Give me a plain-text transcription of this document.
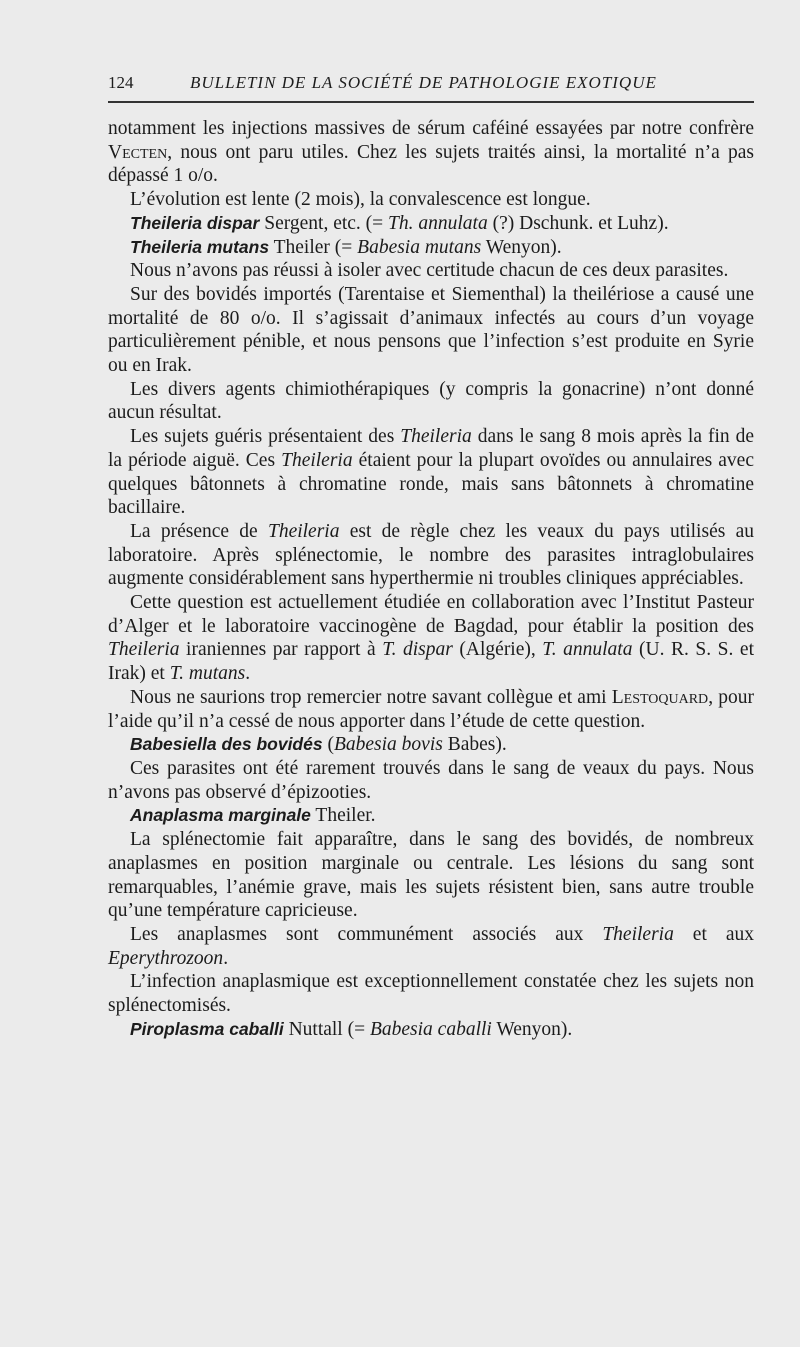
124	BULLETIN DE LA SOCIÉTÉ DE PATHOLOGIE EXOTIQUE

notamment les injections massives de sérum caféiné essayées par notre confrère Vecten, nous ont paru utiles. Chez les sujets traités ainsi, la mortalité n’a pas dépassé 1 o/o.

L’évolution est lente (2 mois), la convalescence est longue.

Theileria dispar Sergent, etc. (= Th. annulata (?) Dschunk. et Luhz).

Theileria mutans Theiler (= Babesia mutans Wenyon).

Nous n’avons pas réussi à isoler avec certitude chacun de ces deux parasites.

Sur des bovidés importés (Tarentaise et Siementhal) la theilériose a causé une mortalité de 80 o/o. Il s’agissait d’animaux infectés au cours d’un voyage particulièrement pénible, et nous pensons que l’infection s’est produite en Syrie ou en Irak.

Les divers agents chimiothérapiques (y compris la gonacrine) n’ont donné aucun résultat.

Les sujets guéris présentaient des Theileria dans le sang 8 mois après la fin de la période aiguë. Ces Theileria étaient pour la plupart ovoïdes ou annulaires avec quelques bâtonnets à chromatine ronde, mais sans bâtonnets à chromatine bacillaire.

La présence de Theileria est de règle chez les veaux du pays utilisés au laboratoire. Après splénectomie, le nombre des parasites intraglobulaires augmente considérablement sans hyperthermie ni troubles cliniques appréciables.

Cette question est actuellement étudiée en collaboration avec l’Institut Pasteur d’Alger et le laboratoire vaccinogène de Bagdad, pour établir la position des Theileria iraniennes par rapport à T. dispar (Algérie), T. annulata (U. R. S. S. et Irak) et T. mutans.

Nous ne saurions trop remercier notre savant collègue et ami Lestoquard, pour l’aide qu’il n’a cessé de nous apporter dans l’étude de cette question.

Babesiella des bovidés (Babesia bovis Babes).

Ces parasites ont été rarement trouvés dans le sang de veaux du pays. Nous n’avons pas observé d’épizooties.

Anaplasma marginale Theiler.

La splénectomie fait apparaître, dans le sang des bovidés, de nombreux anaplasmes en position marginale ou centrale. Les lésions du sang sont remarquables, l’anémie grave, mais les sujets résistent bien, sans autre trouble qu’une température capricieuse.

Les anaplasmes sont communément associés aux Theileria et aux Eperythrozoon.

L’infection anaplasmique est exceptionnellement constatée chez les sujets non splénectomisés.

Piroplasma caballi Nuttall (= Babesia caballi Wenyon).
